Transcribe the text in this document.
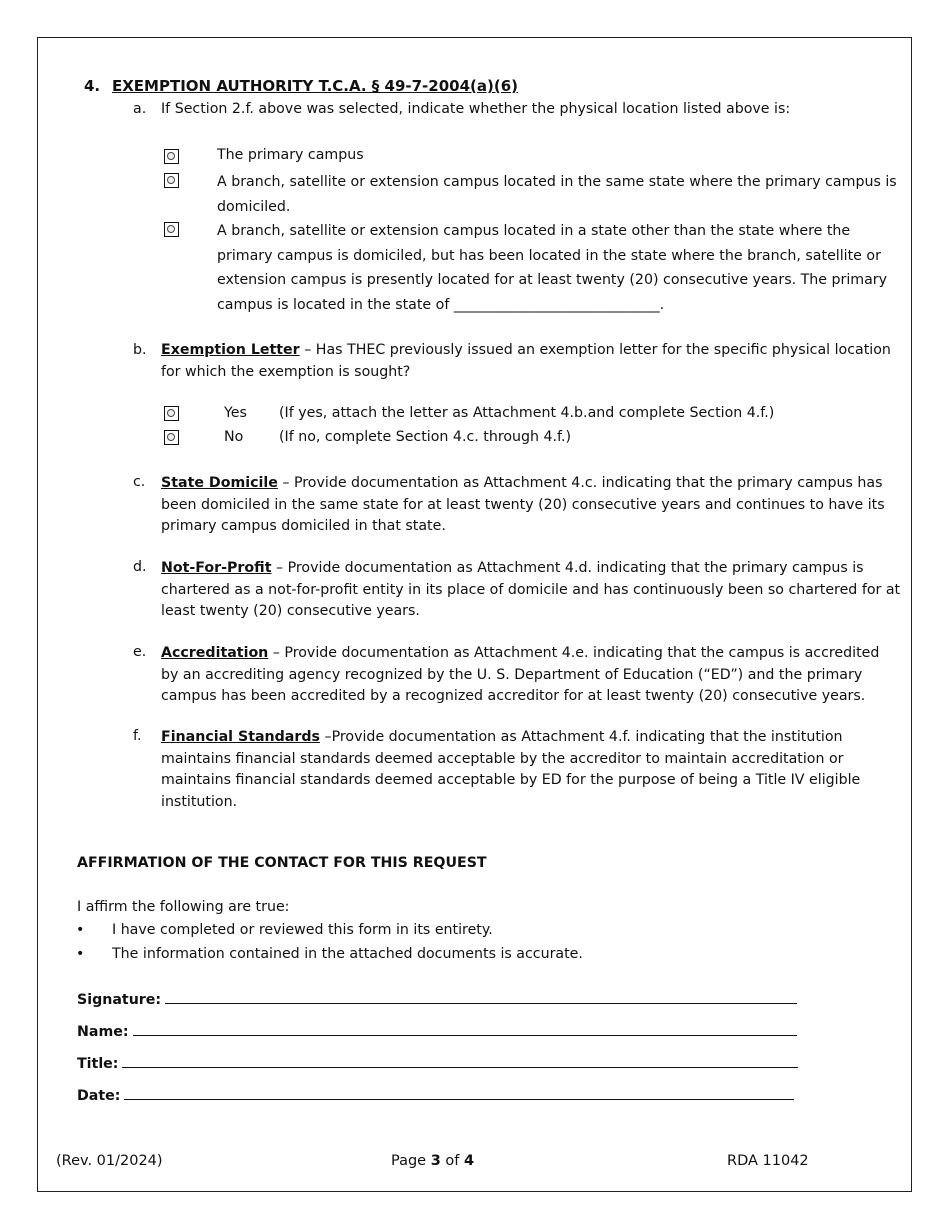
4. EXEMPTION AUTHORITY T.C.A. § 49-7-2004(a)(6)
a. If Section 2.f. above was selected, indicate whether the physical location listed above is:
The primary campus
A branch, satellite or extension campus located in the same state where the primary campus is domiciled.
A branch, satellite or extension campus located in a state other than the state where the primary campus is domiciled, but has been located in the state where the branch, satellite or extension campus is presently located for at least twenty (20) consecutive years. The primary campus is located in the state of _____________________________.
b. Exemption Letter – Has THEC previously issued an exemption letter for the specific physical location for which the exemption is sought?
Yes (If yes, attach the letter as Attachment 4.b.and complete Section 4.f.)
No	(If no, complete Section 4.c. through 4.f.)
c. State Domicile – Provide documentation as Attachment 4.c. indicating that the primary campus has been domiciled in the same state for at least twenty (20) consecutive years and continues to have its primary campus domiciled in that state.
d. Not-For-Profit – Provide documentation as Attachment 4.d. indicating that the primary campus is chartered as a not-for-profit entity in its place of domicile and has continuously been so chartered for at least twenty (20) consecutive years.
e. Accreditation – Provide documentation as Attachment 4.e. indicating that the campus is accredited by an accrediting agency recognized by the U. S. Department of Education (“ED”) and the primary campus has been accredited by a recognized accreditor for at least twenty (20) consecutive years.
f. Financial Standards –Provide documentation as Attachment 4.f. indicating that the institution maintains financial standards deemed acceptable by the accreditor to maintain accreditation or maintains financial standards deemed acceptable by ED for the purpose of being a Title IV eligible institution.
AFFIRMATION OF THE CONTACT FOR THIS REQUEST
I affirm the following are true:
• I have completed or reviewed this form in its entirety.
• The information contained in the attached documents is accurate.
Signature:
Name:
Title:
Date:
(Rev. 01/2024)	Page 3 of 4	RDA 11042
